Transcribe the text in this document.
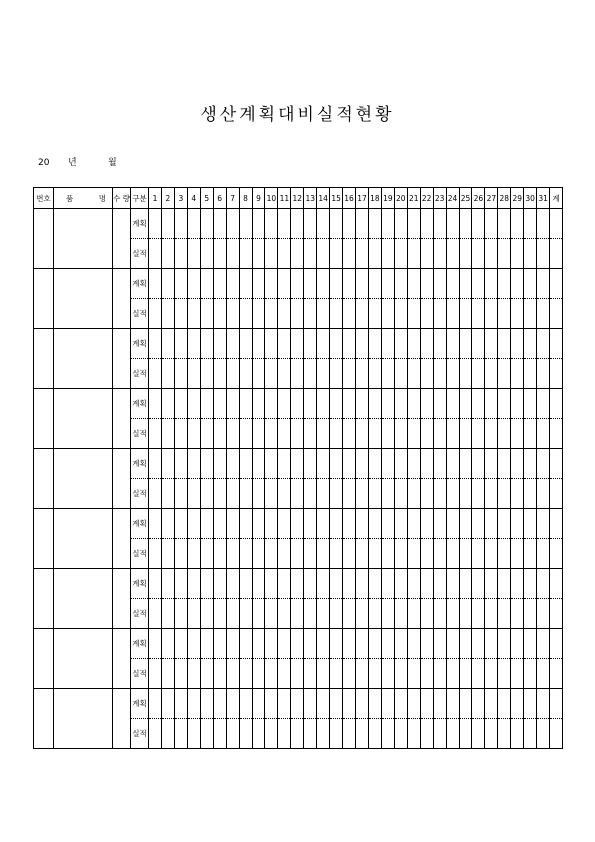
생산계획대비실적현황
20 년	월
번호	품 명	수 량	구분	1	2	3	4	5	6	7	8	9	10	11	12	13	14	15	16	17	18	19	20	21	22	23	24	25	26	27	28	29	30	31	계
			계획																																
			실적																																
			계획																																
			실적																																
			계획																																
			실적																																
			계획																																
			실적																																
			계획																																
			실적																																
			계획																																
			실적																																
			계획																																
			실적																																
			계획																																
			실적																																
			계획																																
			실적																																
